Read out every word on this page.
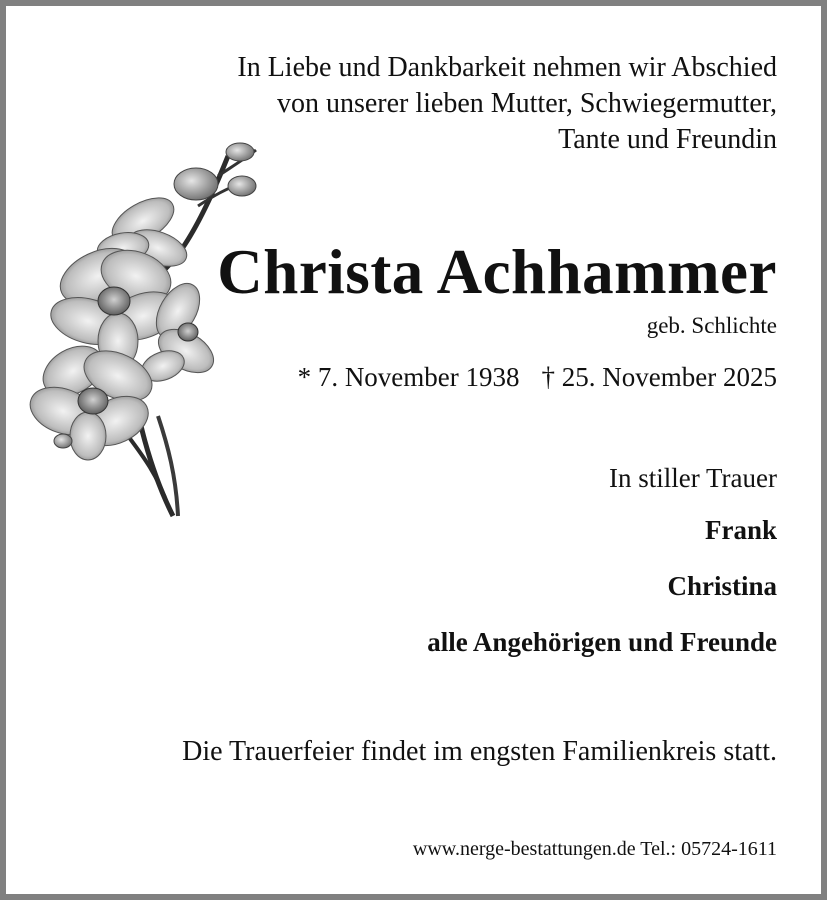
In Liebe und Dankbarkeit nehmen wir Abschied
von unserer lieben Mutter, Schwiegermutter,
Tante und Freundin
Christa Achhammer
geb. Schlichte
* 7. November 1938 † 25. November 2025
In stiller Trauer
Frank
Christina
alle Angehörigen und Freunde
Die Trauerfeier findet im engsten Familienkreis statt.
www.nerge-bestattungen.de Tel.: 05724-1611
